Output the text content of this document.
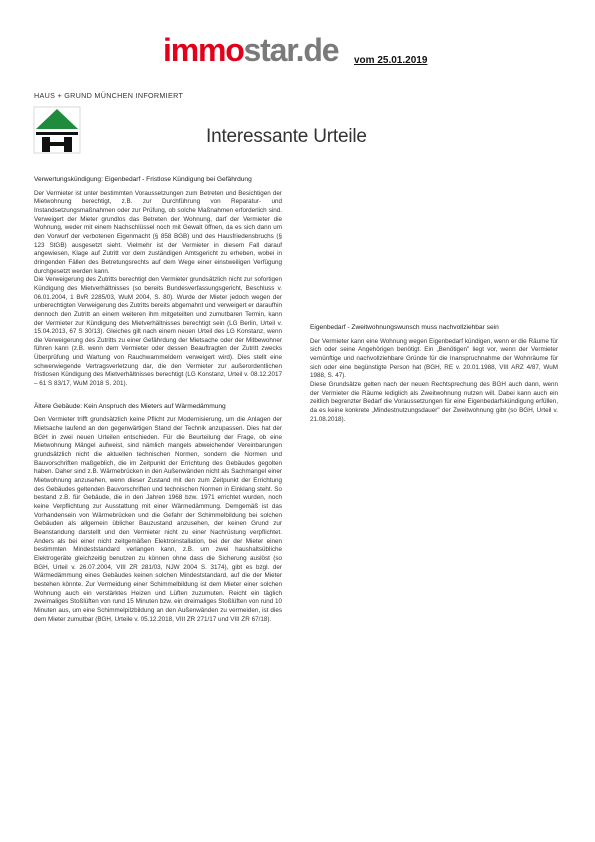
immostar.de vom 25.01.2019
HAUS + GRUND MÜNCHEN INFORMIERT
Interessante Urteile
Verwertungskündigung: Eigenbedarf - Fristlose Kündigung bei Gefährdung

Der Vermieter ist unter bestimmten Voraussetzungen zum Betreten und Besichtigen der Mietwohnung berechtigt, z.B. zur Durchführung von Reparatur- und Instandsetzungsmaßnahmen oder zur Prüfung, ob solche Maßnahmen erforderlich sind. Verweigert der Mieter grundlos das Betreten der Wohnung, darf der Vermieter die Wohnung, weder mit einem Nachschlüssel noch mit Gewalt öffnen, da es sich dann um den Vorwurf der verbotenen Eigenmacht (§ 858 BGB) und des Hausfriedensbruchs (§ 123 StGB) ausgesetzt sieht. Vielmehr ist der Vermieter in diesem Fall darauf angewiesen, Klage auf Zutritt vor dem zuständigen Amtsgericht zu erheben, wobei in dringenden Fällen des Betretungsrechts auf dem Wege einer einstweiligen Verfügung durchgesetzt werden kann.

Die Verweigerung des Zutritts berechtigt den Vermieter grundsätzlich nicht zur sofortigen Kündigung des Mietverhältnisses (so bereits Bundesverfassungsgericht, Beschluss v. 06.01.2004, 1 BvR 2285/03, WuM 2004, S. 80). Wurde der Mieter jedoch wegen der unberechtigten Verweigerung des Zutritts bereits abgemahnt und verweigert er daraufhin dennoch den Zutritt an einem weiteren ihm mitgeteilten und zumutbaren Termin, kann der Vermieter zur Kündigung des Mietverhältnisses berechtigt sein (LG Berlin, Urteil v. 15.04.2013, 67 S 30/13). Gleiches gilt nach einem neuen Urteil des LG Konstanz, wenn die Verweigerung des Zutritts zu einer Gefährdung der Mietsache oder der Mitbewohner führen kann (z.B. wenn dem Vermieter oder dessen Beauftragten der Zutritt zwecks Überprüfung und Wartung von Rauchwarnmeldern verweigert wird). Dies stellt eine schwerwiegende Vertragsverletzung dar, die den Vermieter zur außerordentlichen fristlosen Kündigung des Mietverhältnisses berechtigt (LG Konstanz, Urteil v. 08.12.2017 – 61 S 83/17, WuM 2018 S. 201).

Ältere Gebäude: Kein Anspruch des Mieters auf Wärmedämmung

Den Vermieter trifft grundsätzlich keine Pflicht zur Modernisierung, um die Anlagen der Mietsache laufend an den gegenwärtigen Stand der Technik anzupassen. Dies hat der BGH in zwei neuen Urteilen entschieden. Für die Beurteilung der Frage, ob eine Mietwohnung Mängel aufweist, sind nämlich mangels abweichender Vereinbarungen grundsätzlich nicht die aktuellen technischen Normen, sondern die Normen und Bauvorschriften maßgeblich, die im Zeitpunkt der Errichtung des Gebäudes gegolten haben. Daher sind z.B. Wärmebrücken in den Außenwänden nicht als Sachmangel einer Mietwohnung anzusehen, wenn dieser Zustand mit den zum Zeitpunkt der Errichtung des Gebäudes geltenden Bauvorschriften und technischen Normen in Einklang steht. So bestand z.B. für Gebäude, die in den Jahren 1968 bzw. 1971 errichtet wurden, noch keine Verpflichtung zur Ausstattung mit einer Wärmedämmung. Demgemäß ist das Vorhandensein von Wärmebrücken und die Gefahr der Schimmelbildung bei solchen Gebäuden als allgemein üblicher Bauzustand anzusehen, der keinen Grund zur Beanstandung darstellt und den Vermieter nicht zu einer Nachrüstung verpflichtet. Anders als bei einer nicht zeitgemäßen Elektroinstallation, bei der der Mieter einen bestimmten Mindeststandard verlangen kann, z.B. um zwei haushaltsübliche Elektrogeräte gleichzeitig benutzen zu können ohne dass die Sicherung auslöst (so BGH, Urteil v. 26.07.2004, VIII ZR 281/03, NJW 2004 S. 3174), gibt es bzgl. der Wärmedämmung eines Gebäudes keinen solchen Mindeststandard, auf die der Mieter bestehen könnte. Zur Vermeidung einer Schimmelbildung ist dem Mieter einer solchen Wohnung auch ein verstärktes Heizen und Lüften zuzumuten. Reicht ein täglich zweimaliges Stoßlüften von rund 15 Minuten bzw. ein dreimaliges Stoßlüften von rund 10 Minuten aus, um eine Schimmelpilzbildung an den Außenwänden zu vermeiden, ist dies dem Mieter zumutbar (BGH, Urteile v. 05.12.2018, VIII ZR 271/17 und VIII ZR 67/18).

Eigenbedarf - Zweitwohnungswunsch muss nachvollziehbar sein

Der Vermieter kann eine Wohnung wegen Eigenbedarf kündigen, wenn er die Räume für sich oder seine Angehörigen benötigt. Ein „Benötigen" liegt vor, wenn der Vermieter vernünftige und nachvollziehbare Gründe für die Inanspruchnahme der Wohnräume für sich oder eine begünstigte Person hat (BGH, RE v. 20.01.1988, VIII ARZ 4/87, WuM 1988, S. 47).

Diese Grundsätze gelten nach der neuen Rechtsprechung des BGH auch dann, wenn der Vermieter die Räume lediglich als Zweitwohnung nutzen will. Dabei kann auch ein zeitlich begrenzter Bedarf die Voraussetzungen für eine Eigenbedarfskündigung erfüllen, da es keine konkrete „Mindestnutzungsdauer" der Zweitwohnung gibt (so BGH, Urteil v. 21.08.2018).
